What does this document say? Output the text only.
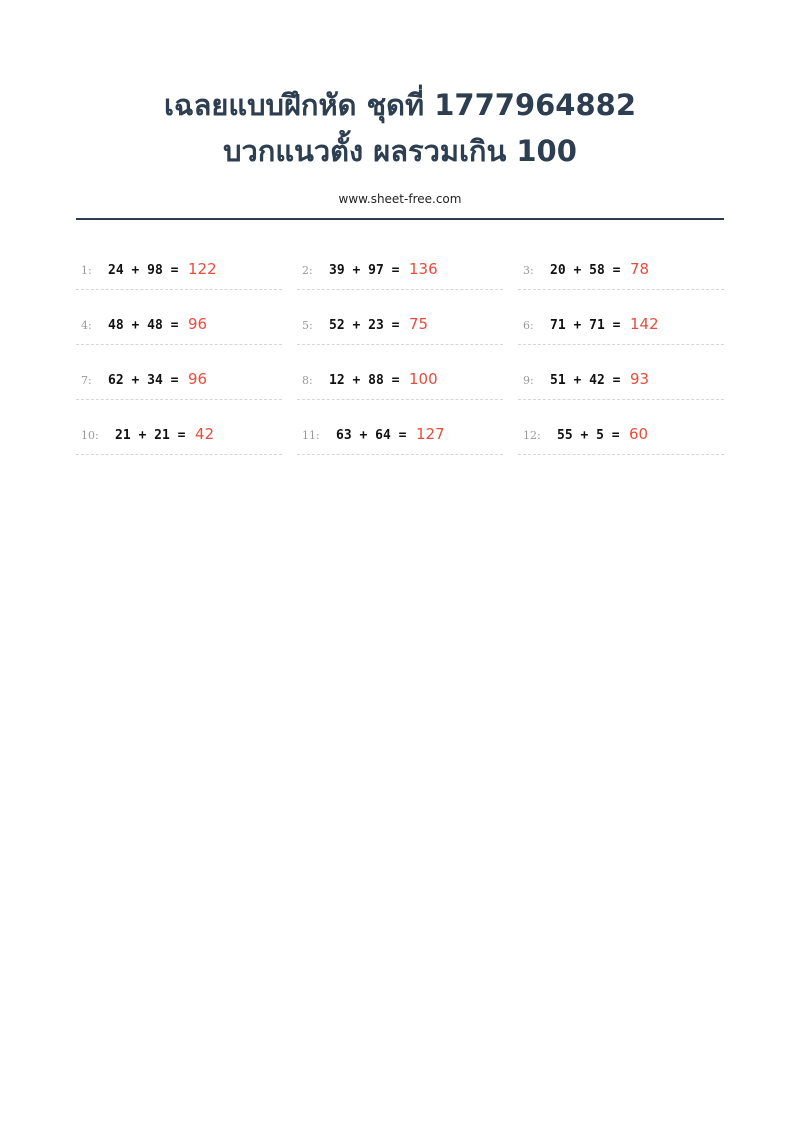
เฉลยแบบฝึกหัด ชุดที่ 1777964882
บวกแนวตั้ง ผลรวมเกิน 100
www.sheet-free.com
1: 24 + 98 = 122	2: 39 + 97 = 136	3: 20 + 58 = 78
4: 48 + 48 = 96	5: 52 + 23 = 75	6: 71 + 71 = 142
7: 62 + 34 = 96	8: 12 + 88 = 100	9: 51 + 42 = 93
10: 21 + 21 = 42	11: 63 + 64 = 127	12: 55 + 5 = 60
